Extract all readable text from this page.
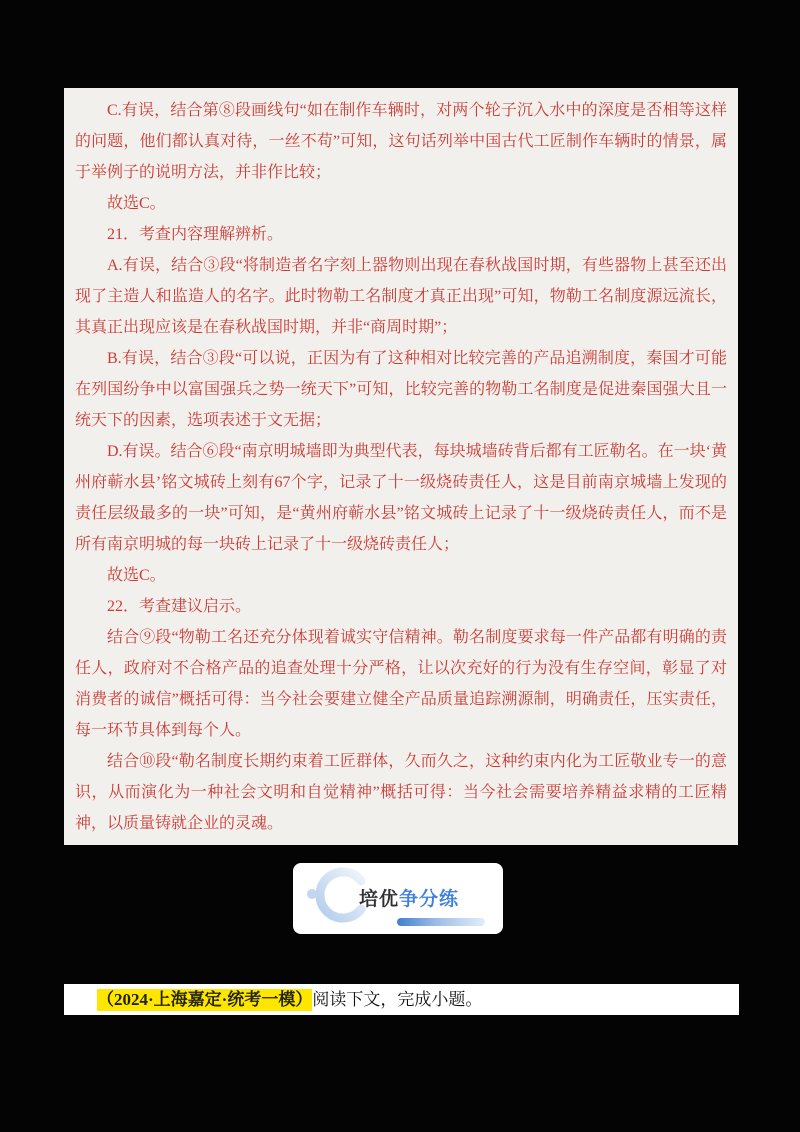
C.有误，结合第⑧段画线句“如在制作车辆时，对两个轮子沉入水中的深度是否相等这样的问题，他们都认真对待，一丝不苟”可知，这句话列举中国古代工匠制作车辆时的情景，属于举例子的说明方法，并非作比较；

故选C。

21．考查内容理解辨析。

A.有误，结合③段“将制造者名字刻上器物则出现在春秋战国时期，有些器物上甚至还出现了主造人和监造人的名字。此时物勒工名制度才真正出现”可知，物勒工名制度源远流长，其真正出现应该是在春秋战国时期，并非“商周时期”；

B.有误，结合③段“可以说，正因为有了这种相对比较完善的产品追溯制度，秦国才可能在列国纷争中以富国强兵之势一统天下”可知，比较完善的物勒工名制度是促进秦国强大且一统天下的因素，选项表述于文无据；

D.有误。结合⑥段“南京明城墙即为典型代表，每块城墙砖背后都有工匠勒名。在一块‘黄州府蕲水县’铭文城砖上刻有67个字，记录了十一级烧砖责任人，这是目前南京城墙上发现的责任层级最多的一块”可知，是“黄州府蕲水县”铭文城砖上记录了十一级烧砖责任人，而不是所有南京明城的每一块砖上记录了十一级烧砖责任人；

故选C。

22．考查建议启示。

结合⑨段“物勒工名还充分体现着诚实守信精神。勒名制度要求每一件产品都有明确的责任人，政府对不合格产品的追查处理十分严格，让以次充好的行为没有生存空间，彰显了对消费者的诚信”概括可得：当今社会要建立健全产品质量追踪溯源制，明确责任，压实责任，每一环节具体到每个人。

结合⑩段“勒名制度长期约束着工匠群体，久而久之，这种约束内化为工匠敬业专一的意识，从而演化为一种社会文明和自觉精神”概括可得：当今社会需要培养精益求精的工匠精神，以质量铸就企业的灵魂。

培优争分练
（2024·上海嘉定·统考一模）阅读下文，完成小题。
